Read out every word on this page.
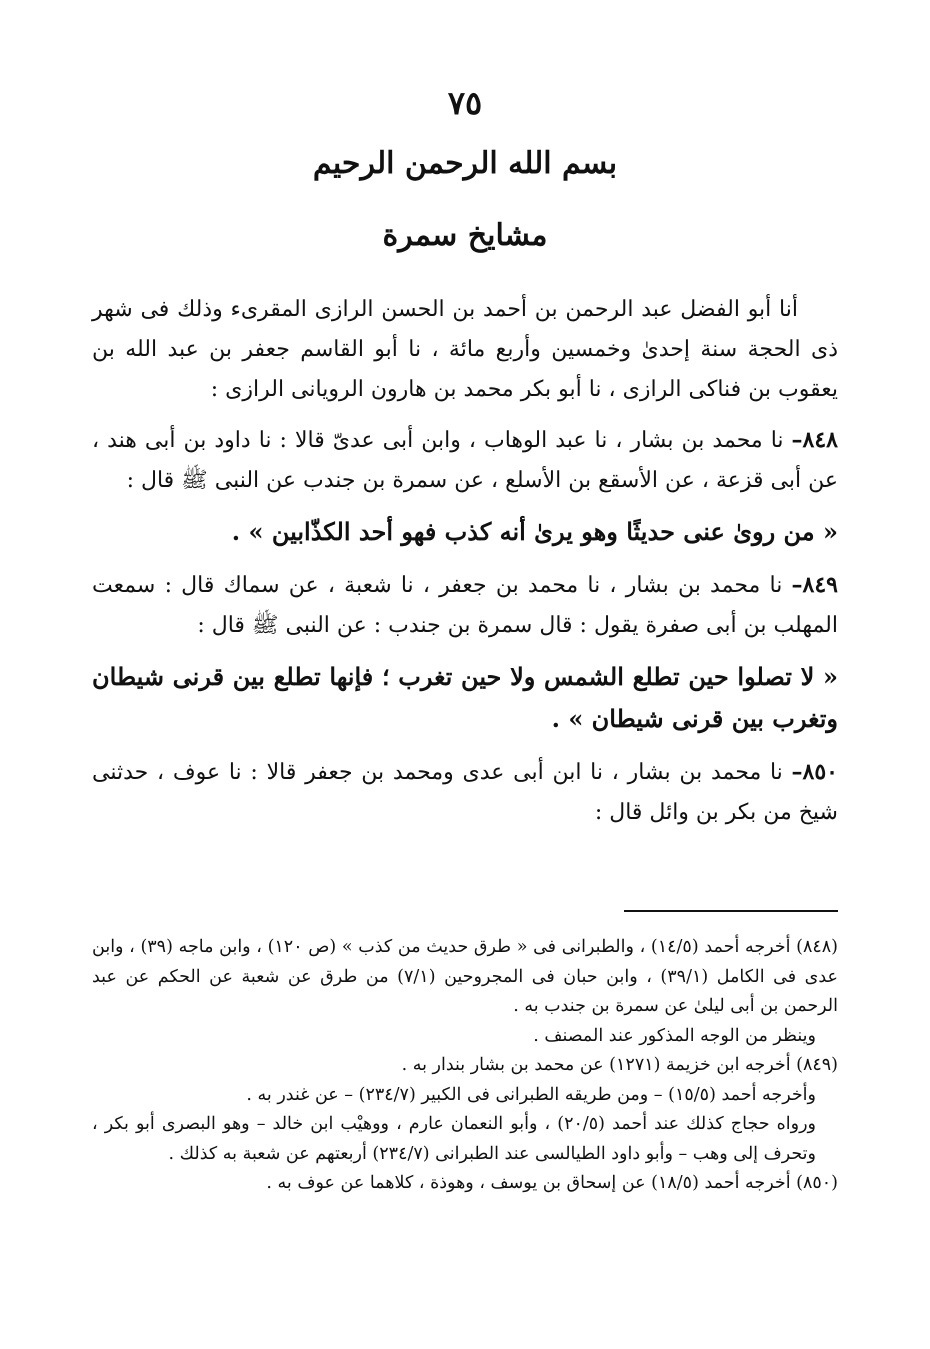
٧٥
بسم الله الرحمن الرحيم
مشايخ سمرة

أنا أبو الفضل عبد الرحمن بن أحمد بن الحسن الرازى المقرىء وذلك فى شهر ذى الحجة سنة إحدىٰ وخمسين وأربع مائة ، نا أبو القاسم جعفر بن عبد الله بن يعقوب بن فناكى الرازى ، نا أبو بكر محمد بن هارون الرويانى الرازى :

٨٤٨– نا محمد بن بشار ، نا عبد الوهاب ، وابن أبى عدىّ قالا : نا داود بن أبى هند ، عن أبى قزعة ، عن الأسقع بن الأسلع ، عن سمرة بن جندب عن النبى ﷺ قال :

« من روىٰ عنى حديثًا وهو يرىٰ أنه كذب فهو أحد الكذّابين » .

٨٤٩– نا محمد بن بشار ، نا محمد بن جعفر ، نا شعبة ، عن سماك قال : سمعت المهلب بن أبى صفرة يقول : قال سمرة بن جندب : عن النبى ﷺ قال :

« لا تصلوا حين تطلع الشمس ولا حين تغرب ؛ فإنها تطلع بين قرنى شيطان وتغرب بين قرنى شيطان » .

٨٥٠– نا محمد بن بشار ، نا ابن أبى عدى ومحمد بن جعفر قالا : نا عوف ، حدثنى شيخ من بكر بن وائل قال :

(٨٤٨) أخرجه أحمد (١٤/٥) ، والطبرانى فى « طرق حديث من كذب » (ص ١٢٠) ، وابن ماجه (٣٩) ، وابن عدى فى الكامل (٣٩/١) ، وابن حبان فى المجروحين (٧/١) من طرق عن شعبة عن الحكم عن عبد الرحمن بن أبى ليلىٰ عن سمرة بن جندب به .

وينظر من الوجه المذكور عند المصنف .

(٨٤٩) أخرجه ابن خزيمة (١٢٧١) عن محمد بن بشار بندار به .

وأخرجه أحمد (١٥/٥) – ومن طريقه الطبرانى فى الكبير (٢٣٤/٧) – عن غندر به .

ورواه حجاج كذلك عند أحمد (٢٠/٥) ، وأبو النعمان عارم ، ووهيْب ابن خالد – وهو البصرى أبو بكر ، وتحرف إلى وهب – وأبو داود الطيالسى عند الطبرانى (٢٣٤/٧) أربعتهم عن شعبة به كذلك .

(٨٥٠) أخرجه أحمد (١٨/٥) عن إسحاق بن يوسف ، وهوذة ، كلاهما عن عوف به .
